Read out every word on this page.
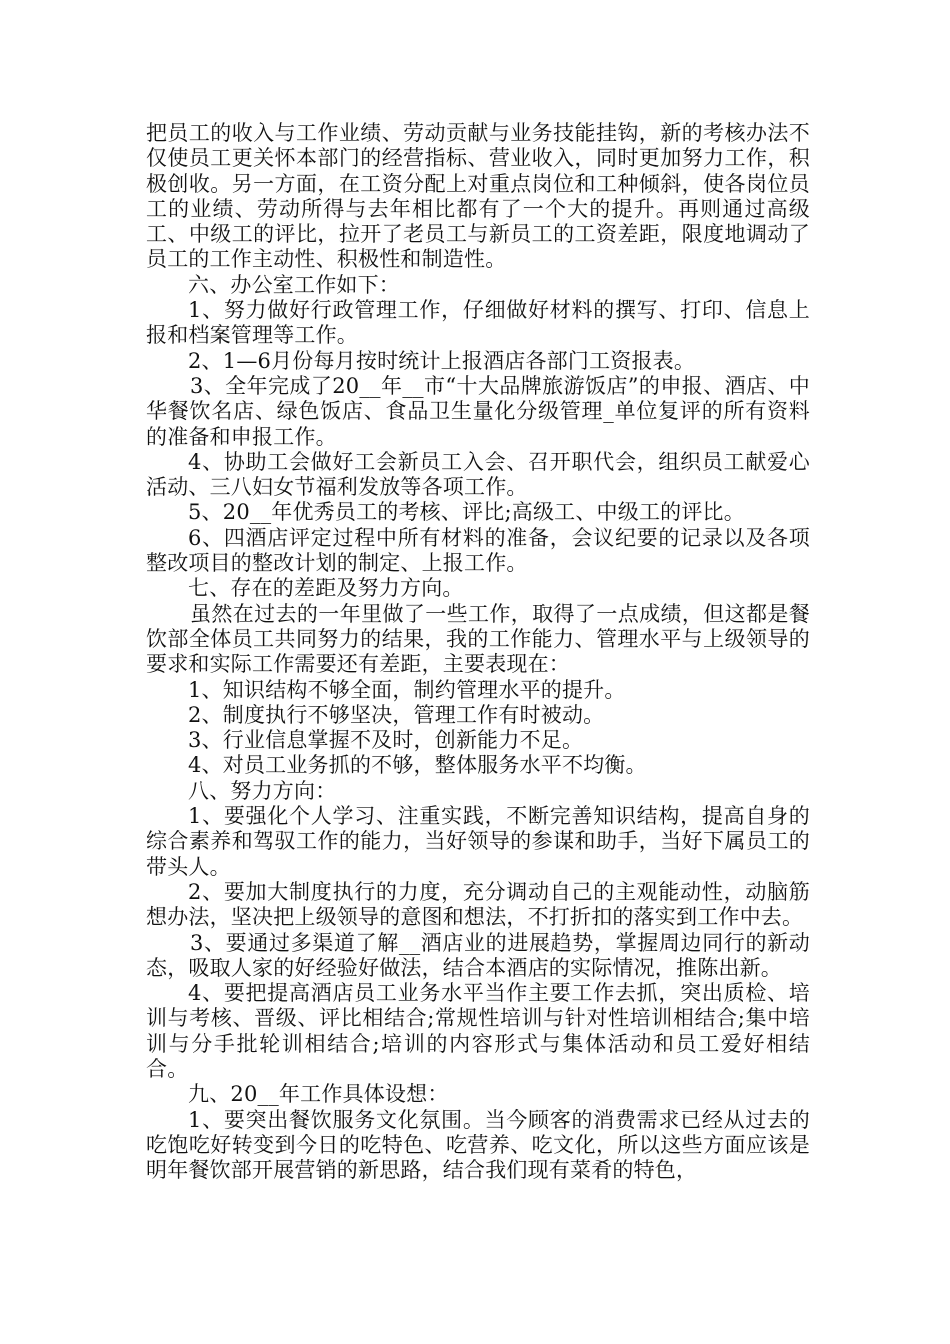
把员工的收入与工作业绩、劳动贡献与业务技能挂钩，新的考核办法不仅使员工更关怀本部门的经营指标、营业收入，同时更加努力工作，积极创收。另一方面，在工资分配上对重点岗位和工种倾斜，使各岗位员工的业绩、劳动所得与去年相比都有了一个大的提升。再则通过高级工、中级工的评比，拉开了老员工与新员工的工资差距，限度地调动了员工的工作主动性、积极性和制造性。

六、办公室工作如下：

1、努力做好行政管理工作，仔细做好材料的撰写、打印、信息上报和档案管理等工作。

2、1—6月份每月按时统计上报酒店各部门工资报表。

3、全年完成了20__年__市“十大品牌旅游饭店”的申报、酒店、中华餐饮名店、绿色饭店、食品卫生量化分级管理_单位复评的所有资料的准备和申报工作。

4、协助工会做好工会新员工入会、召开职代会，组织员工献爱心活动、三八妇女节福利发放等各项工作。

5、20__年优秀员工的考核、评比;高级工、中级工的评比。

6、四酒店评定过程中所有材料的准备，会议纪要的记录以及各项整改项目的整改计划的制定、上报工作。

七、存在的差距及努力方向。

虽然在过去的一年里做了一些工作，取得了一点成绩，但这都是餐饮部全体员工共同努力的结果，我的工作能力、管理水平与上级领导的要求和实际工作需要还有差距，主要表现在：

1、知识结构不够全面，制约管理水平的提升。

2、制度执行不够坚决，管理工作有时被动。

3、行业信息掌握不及时，创新能力不足。

4、对员工业务抓的不够，整体服务水平不均衡。

八、努力方向：

1、要强化个人学习、注重实践，不断完善知识结构，提高自身的综合素养和驾驭工作的能力，当好领导的参谋和助手，当好下属员工的带头人。

2、要加大制度执行的力度，充分调动自己的主观能动性，动脑筋想办法，坚决把上级领导的意图和想法，不打折扣的落实到工作中去。

3、要通过多渠道了解__酒店业的进展趋势，掌握周边同行的新动态，吸取人家的好经验好做法，结合本酒店的实际情况，推陈出新。

4、要把提高酒店员工业务水平当作主要工作去抓，突出质检、培训与考核、晋级、评比相结合;常规性培训与针对性培训相结合;集中培训与分手批轮训相结合;培训的内容形式与集体活动和员工爱好相结合。

九、20__年工作具体设想：

1、要突出餐饮服务文化氛围。当今顾客的消费需求已经从过去的吃饱吃好转变到今日的吃特色、吃营养、吃文化，所以这些方面应该是明年餐饮部开展营销的新思路，结合我们现有菜肴的特色，
